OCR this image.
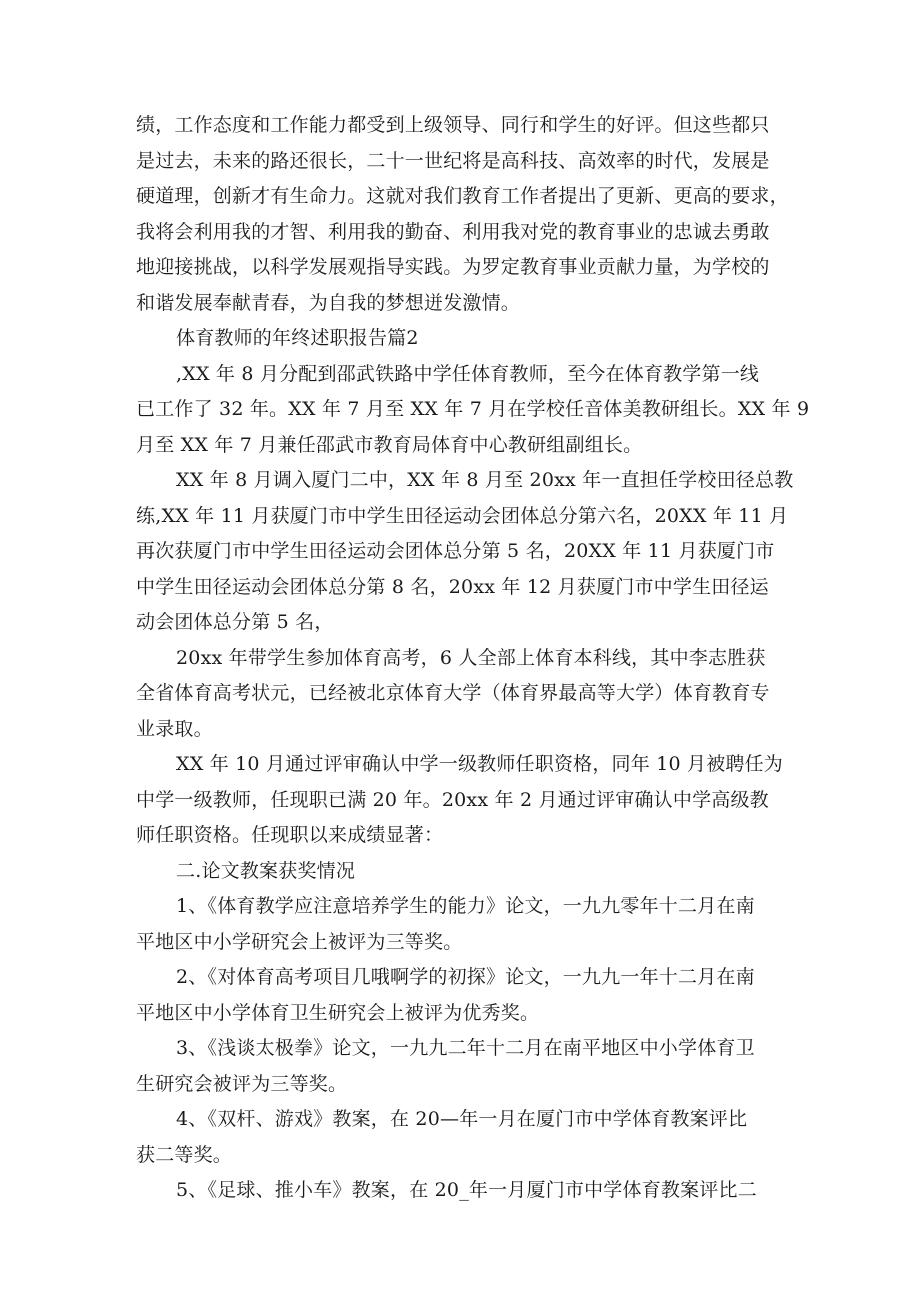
绩，工作态度和工作能力都受到上级领导、同行和学生的好评。但这些都只
是过去，未来的路还很长，二十一世纪将是高科技、高效率的时代，发展是
硬道理，创新才有生命力。这就对我们教育工作者提出了更新、更高的要求，
我将会利用我的才智、利用我的勤奋、利用我对党的教育事业的忠诚去勇敢
地迎接挑战，以科学发展观指导实践。为罗定教育事业贡献力量，为学校的
和谐发展奉献青春，为自我的梦想迸发激情。
体育教师的年终述职报告篇2
,XX 年 8 月分配到邵武铁路中学任体育教师，至今在体育教学第一线
已工作了 32 年。XX 年 7 月至 XX 年 7 月在学校任音体美教研组长。XX 年 9
月至 XX 年 7 月兼任邵武市教育局体育中心教研组副组长。
XX 年 8 月调入厦门二中，XX 年 8 月至 20xx 年一直担任学校田径总教
练,XX 年 11 月获厦门市中学生田径运动会团体总分第六名，20XX 年 11 月
再次获厦门市中学生田径运动会团体总分第 5 名，20XX 年 11 月获厦门市
中学生田径运动会团体总分第 8 名，20xx 年 12 月获厦门市中学生田径运
动会团体总分第 5 名，
20xx 年带学生参加体育高考，6 人全部上体育本科线，其中李志胜获
全省体育高考状元，已经被北京体育大学（体育界最高等大学）体育教育专
业录取。
XX 年 10 月通过评审确认中学一级教师任职资格，同年 10 月被聘任为
中学一级教师，任现职已满 20 年。20xx 年 2 月通过评审确认中学高级教
师任职资格。任现职以来成绩显著：
二.论文教案获奖情况
1、《体育教学应注意培养学生的能力》论文，一九九零年十二月在南
平地区中小学研究会上被评为三等奖。
2、《对体育高考项目几哦啊学的初探》论文，一九九一年十二月在南
平地区中小学体育卫生研究会上被评为优秀奖。
3、《浅谈太极拳》论文，一九九二年十二月在南平地区中小学体育卫
生研究会被评为三等奖。
4、《双杆、游戏》教案，在 20—年一月在厦门市中学体育教案评比
获二等奖。
5、《足球、推小车》教案，在 20_年一月厦门市中学体育教案评比二
